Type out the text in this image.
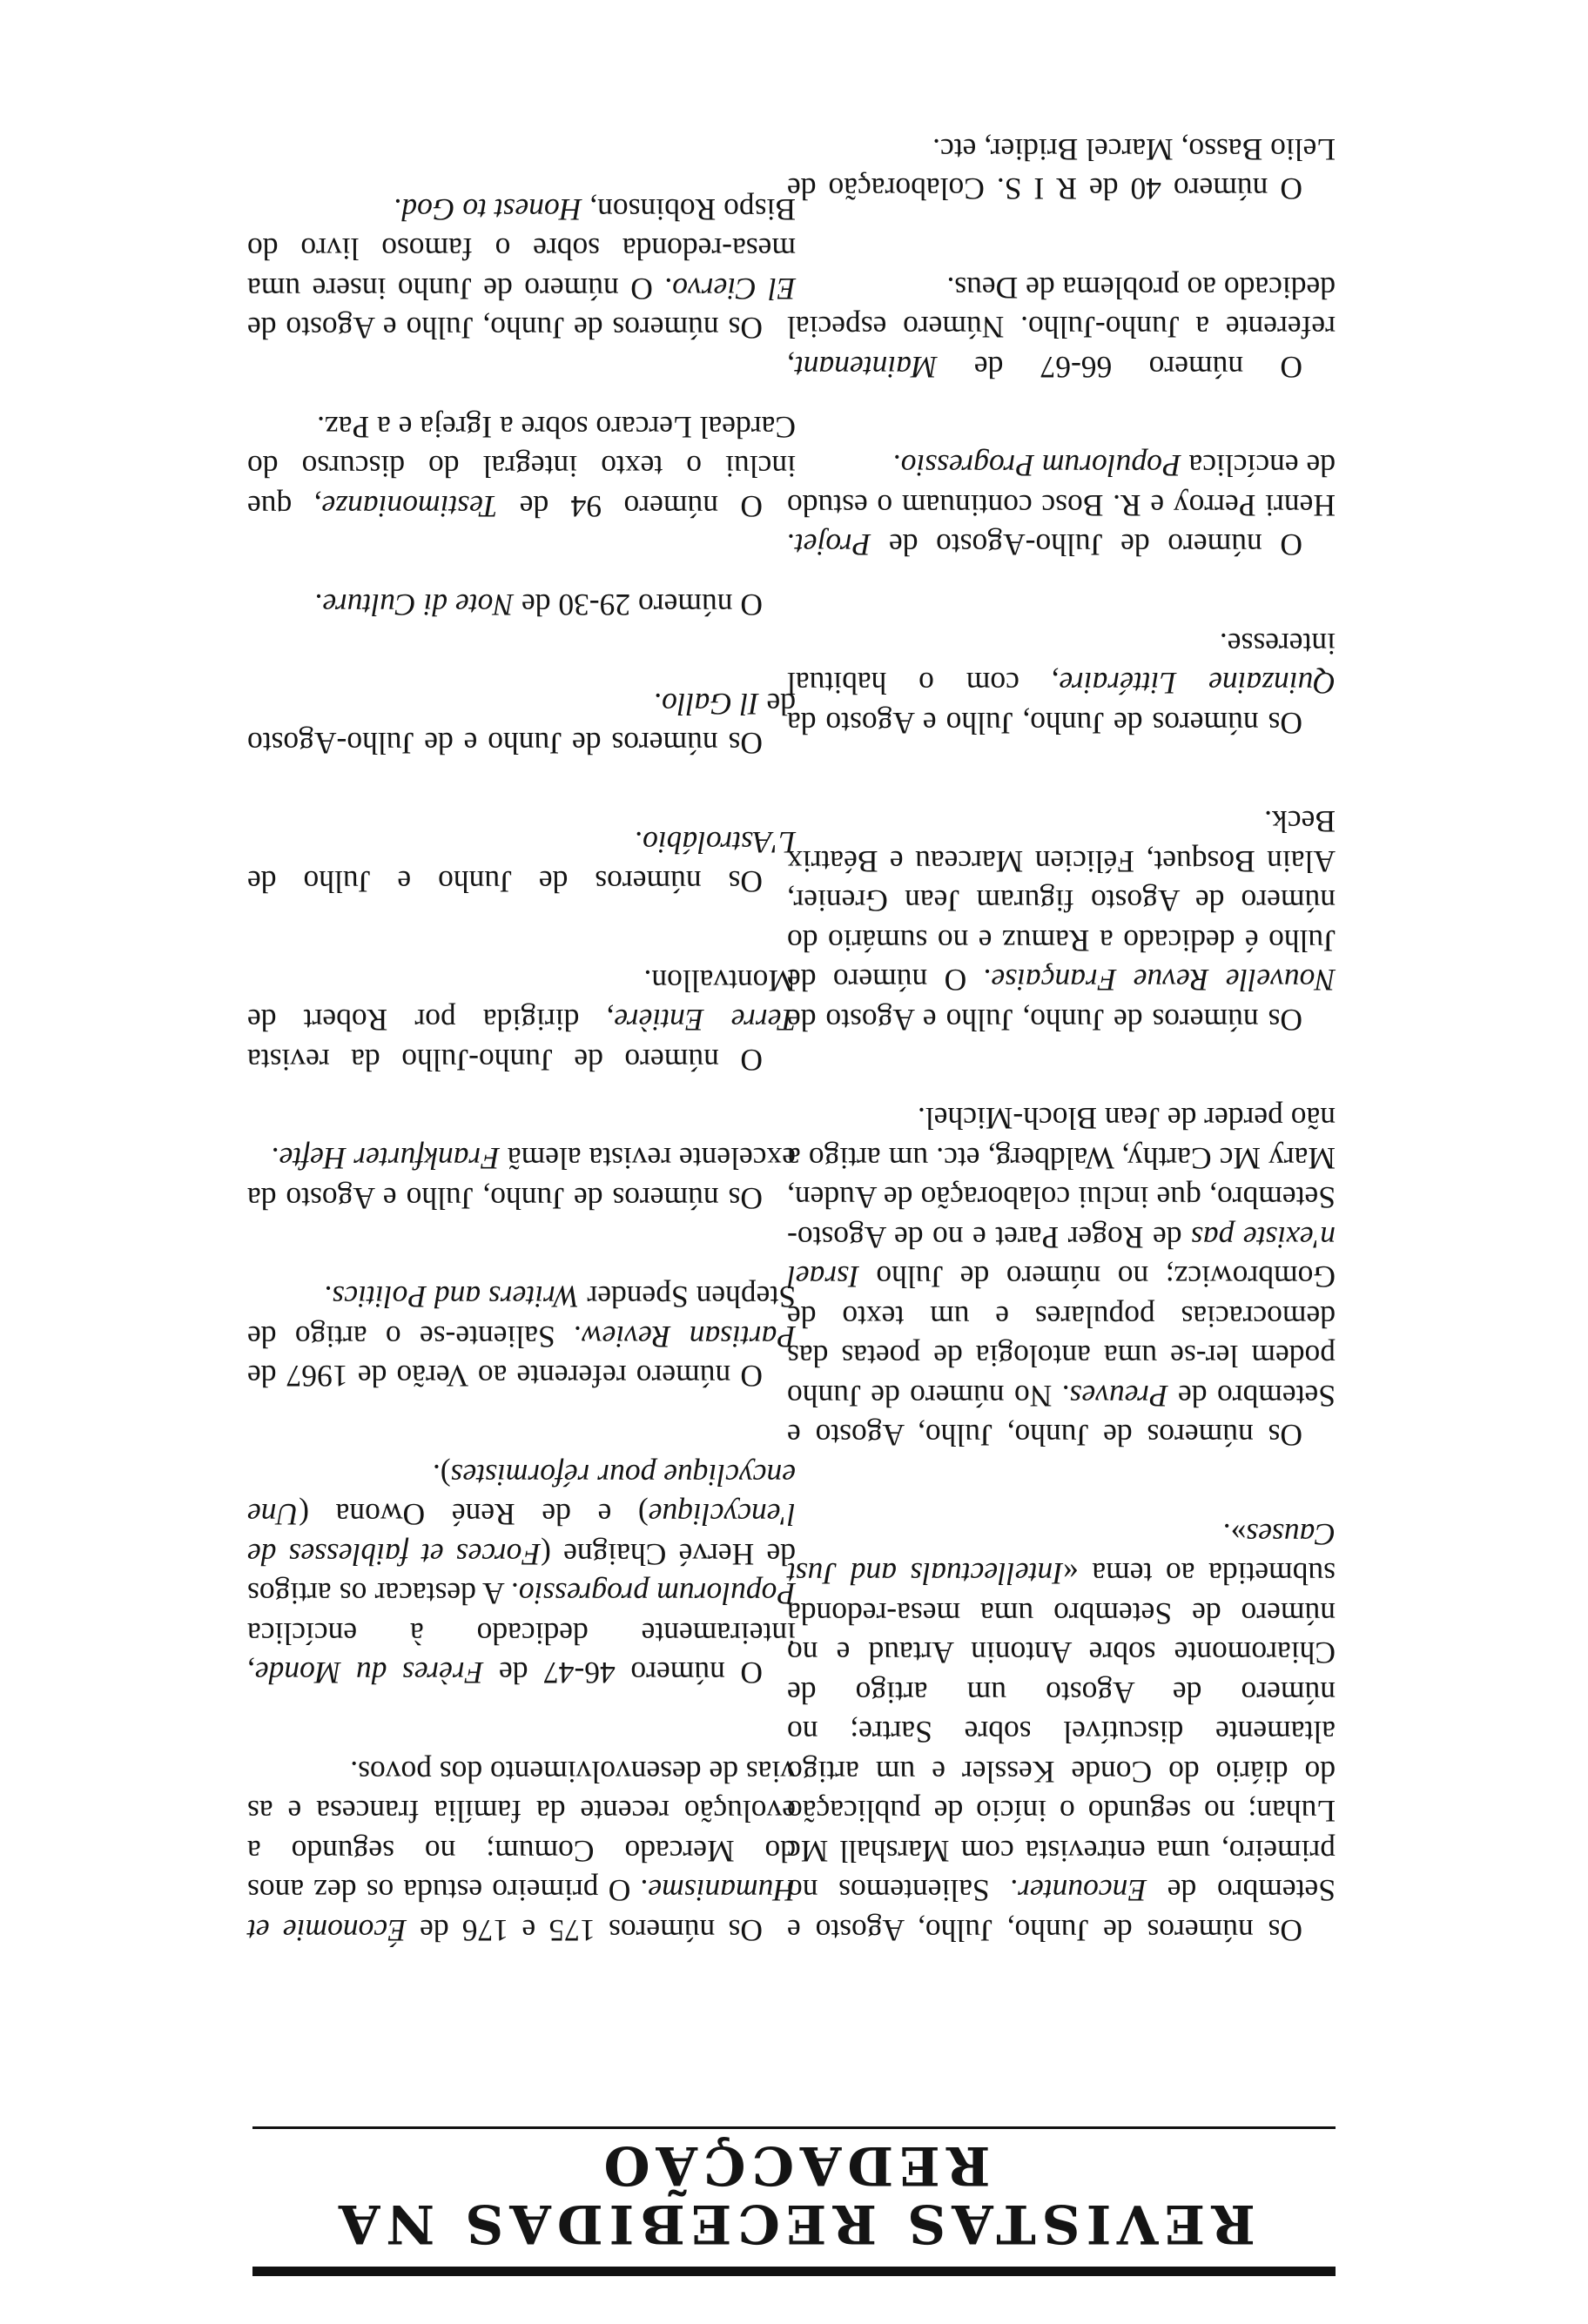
REVISTAS RECEBIDAS NA REDACÇÃO

Os números de Junho, Julho, Agosto e Setembro de Encounter. Salientemos no primeiro, uma entrevista com Marshall Mc Luhan; no segundo o início de publicação do diário do Conde Kessler e um artigo altamente discutível sobre Sartre; no número de Agosto um artigo de Chiaromonte sobre Antonin Artaud e no número de Setembro uma mesa-redonda submetida ao tema «Intellectuals and Just Causes».

Os números de Junho, Julho, Agosto e Setembro de Preuves. No número de Junho podem ler-se uma antologia de poetas das democracias populares e um texto de Gombrowicz; no número de Julho Israel n'existe pas de Roger Paret e no de Agosto-Setembro, que inclui colaboração de Auden, Mary Mc Carthy, Waldberg, etc. um artigo a não perder de Jean Bloch-Michel.

Os números de Junho, Julho e Agosto de Nouvelle Revue Française. O número de Julho é dedicado a Ramuz e no sumário do número de Agosto figuram Jean Grenier, Alain Bosquet, Félicien Marceau e Béatrix Beck.

Os números de Junho, Julho e Agosto da Quinzaine Littéraire, com o habitual interesse.

O número de Julho-Agosto de Projet. Henri Perroy e R. Bosc continuam o estudo de encíclica Populorum Progressio.

O número 66-67 de Maintenant, referente a Junho-Julho. Número especial dedicado ao problema de Deus.

O número 40 de R I S. Colaboração de Lelio Basso, Marcel Bridier, etc.

Os números 175 e 176 de Économie et Humanisme. O primeiro estuda os dez anos do Mercado Comum; no segundo a evolução recente da família francesa e as vias de desenvolvimento dos povos.

O número 46-47 de Frères du Monde, inteiramente dedicado à encíclica Populorum progressio. A destacar os artigos de Hervé Chaigne (Forces et faiblesses de l'encyclique) e de René Owona (Une encyclique pour réformistes).

O número referente ao Verão de 1967 de Partisan Review. Saliente-se o artigo de Stephen Spender Writers and Politics.

Os números de Junho, Julho e Agosto da excelente revista alemã Frankfurter Hefte.

O número de Junho-Julho da revista Terre Entière, dirigida por Robert de Montvallon.

Os números de Junho e Julho de L'Astrolábio.

Os números de Junho e de Julho-Agosto de Il Gallo.

O número 29-30 de Note di Culture.

O número 94 de Testimonianze, que inclui o texto integral do discurso do Cardeal Lercaro sobre a Igreja e a Paz.

Os números de Junho, Julho e Agosto de El Ciervo. O número de Junho insere uma mesa-redonda sobre o famoso livro do Bispo Robinson, Honest to God.
